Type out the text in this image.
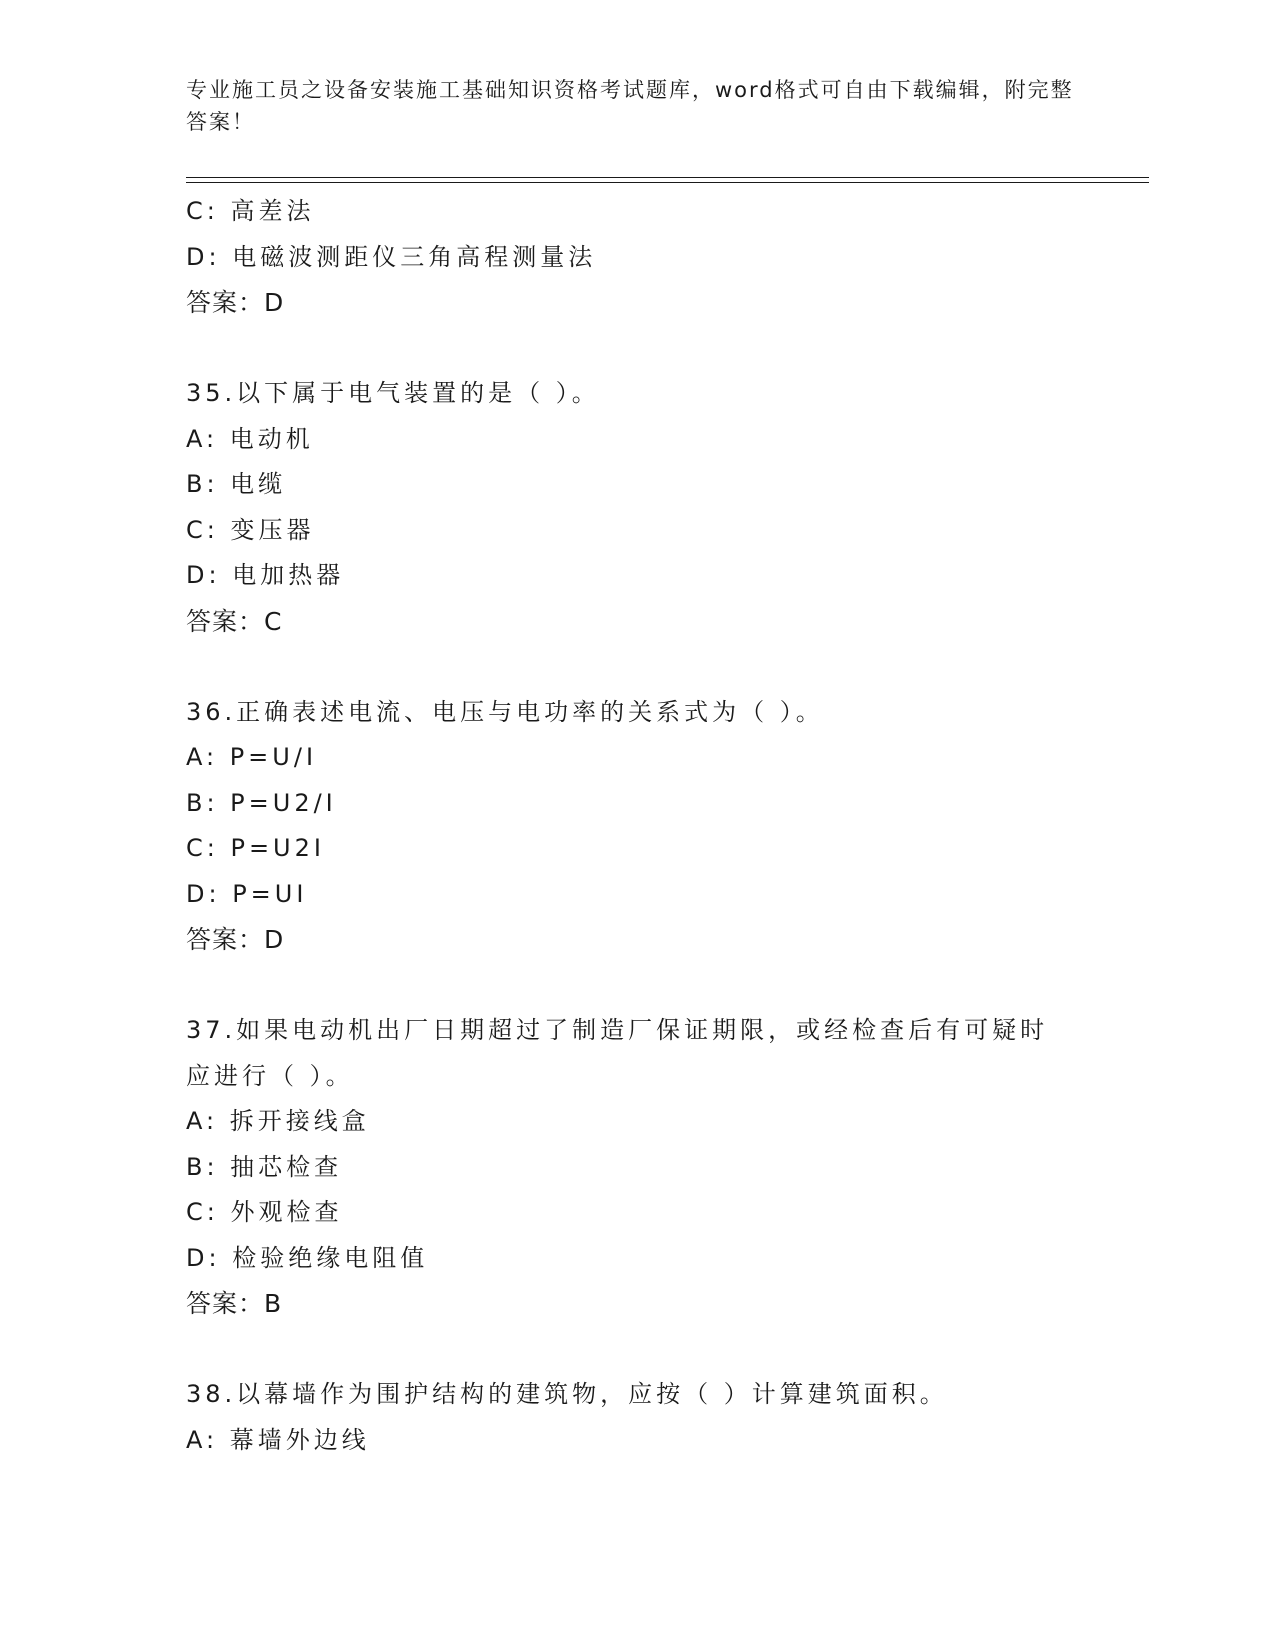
专业施工员之设备安装施工基础知识资格考试题库，word格式可自由下载编辑，附完整答案！
C: 高差法
D: 电磁波测距仪三角高程测量法
答案：D
35.以下属于电气装置的是（ ）。
A: 电动机
B: 电缆
C: 变压器
D: 电加热器
答案：C
36.正确表述电流、电压与电功率的关系式为（ ）。
A: P=U/I
B: P=U2/I
C: P=U2I
D: P=UI
答案：D
37.如果电动机出厂日期超过了制造厂保证期限，或经检查后有可疑时应进行（ ）。
A: 拆开接线盒
B: 抽芯检查
C: 外观检查
D: 检验绝缘电阻值
答案：B
38.以幕墙作为围护结构的建筑物，应按（ ）计算建筑面积。
A: 幕墙外边线
